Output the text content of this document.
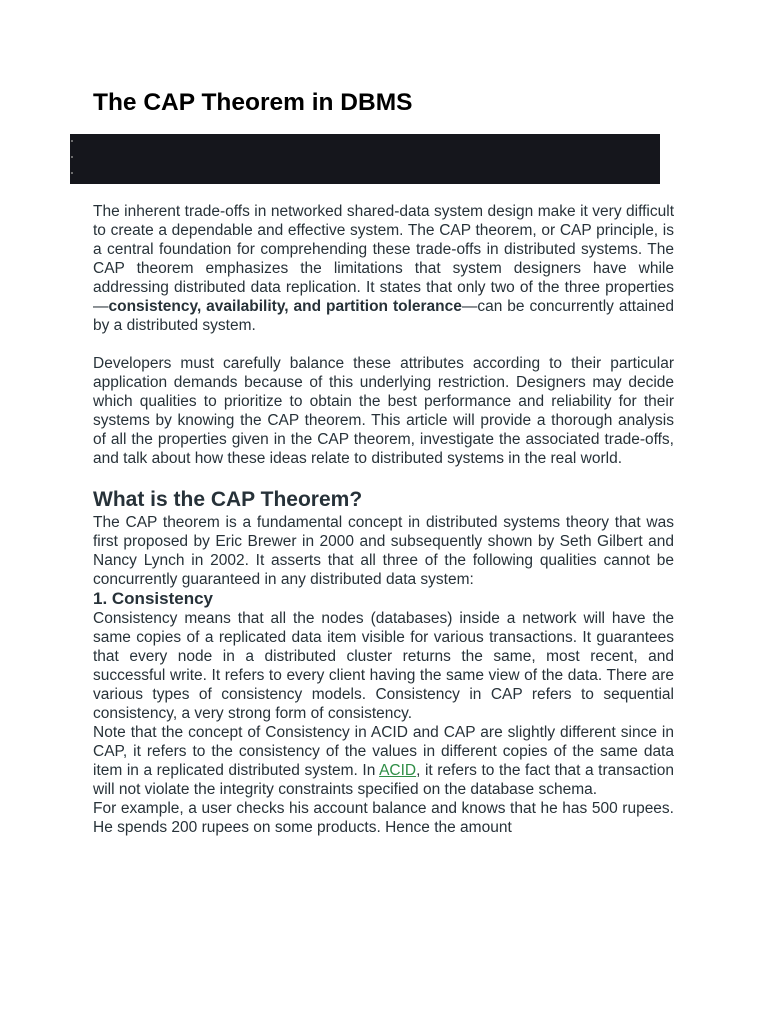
The CAP Theorem in DBMS

The inherent trade-offs in networked shared-data system design make it very difficult to create a dependable and effective system. The CAP theorem, or CAP principle, is a central foundation for comprehending these trade-offs in distributed systems. The CAP theorem emphasizes the limitations that system designers have while addressing distributed data replication. It states that only two of the three properties—consistency, availability, and partition tolerance—can be concurrently attained by a distributed system.

Developers must carefully balance these attributes according to their particular application demands because of this underlying restriction. Designers may decide which qualities to prioritize to obtain the best performance and reliability for their systems by knowing the CAP theorem. This article will provide a thorough analysis of all the properties given in the CAP theorem, investigate the associated trade-offs, and talk about how these ideas relate to distributed systems in the real world.

What is the CAP Theorem?

The CAP theorem is a fundamental concept in distributed systems theory that was first proposed by Eric Brewer in 2000 and subsequently shown by Seth Gilbert and Nancy Lynch in 2002. It asserts that all three of the following qualities cannot be concurrently guaranteed in any distributed data system:

1. Consistency

Consistency means that all the nodes (databases) inside a network will have the same copies of a replicated data item visible for various transactions. It guarantees that every node in a distributed cluster returns the same, most recent, and successful write. It refers to every client having the same view of the data. There are various types of consistency models. Consistency in CAP refers to sequential consistency, a very strong form of consistency.

Note that the concept of Consistency in ACID and CAP are slightly different since in CAP, it refers to the consistency of the values in different copies of the same data item in a replicated distributed system. In ACID, it refers to the fact that a transaction will not violate the integrity constraints specified on the database schema.

For example, a user checks his account balance and knows that he has 500 rupees. He spends 200 rupees on some products. Hence the amount
